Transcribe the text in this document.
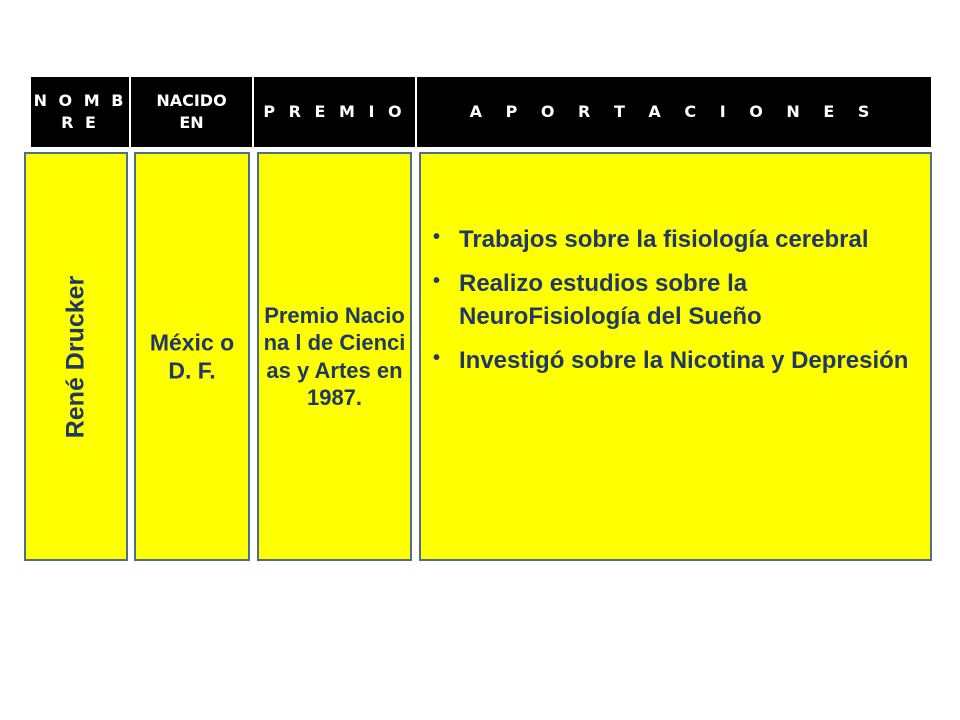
N O M B
R E
NACIDO
EN
P R E M I O	A P O R T A C I O N E S
René Drucker	Méxic o D. F.
Premio Naciona l de Ciencias y Artes en1987.
• Trabajos sobre la fisiología cerebral
• Realizo estudios sobre la NeuroFisiología del Sueño
• Investigó sobre la Nicotina y Depresión
